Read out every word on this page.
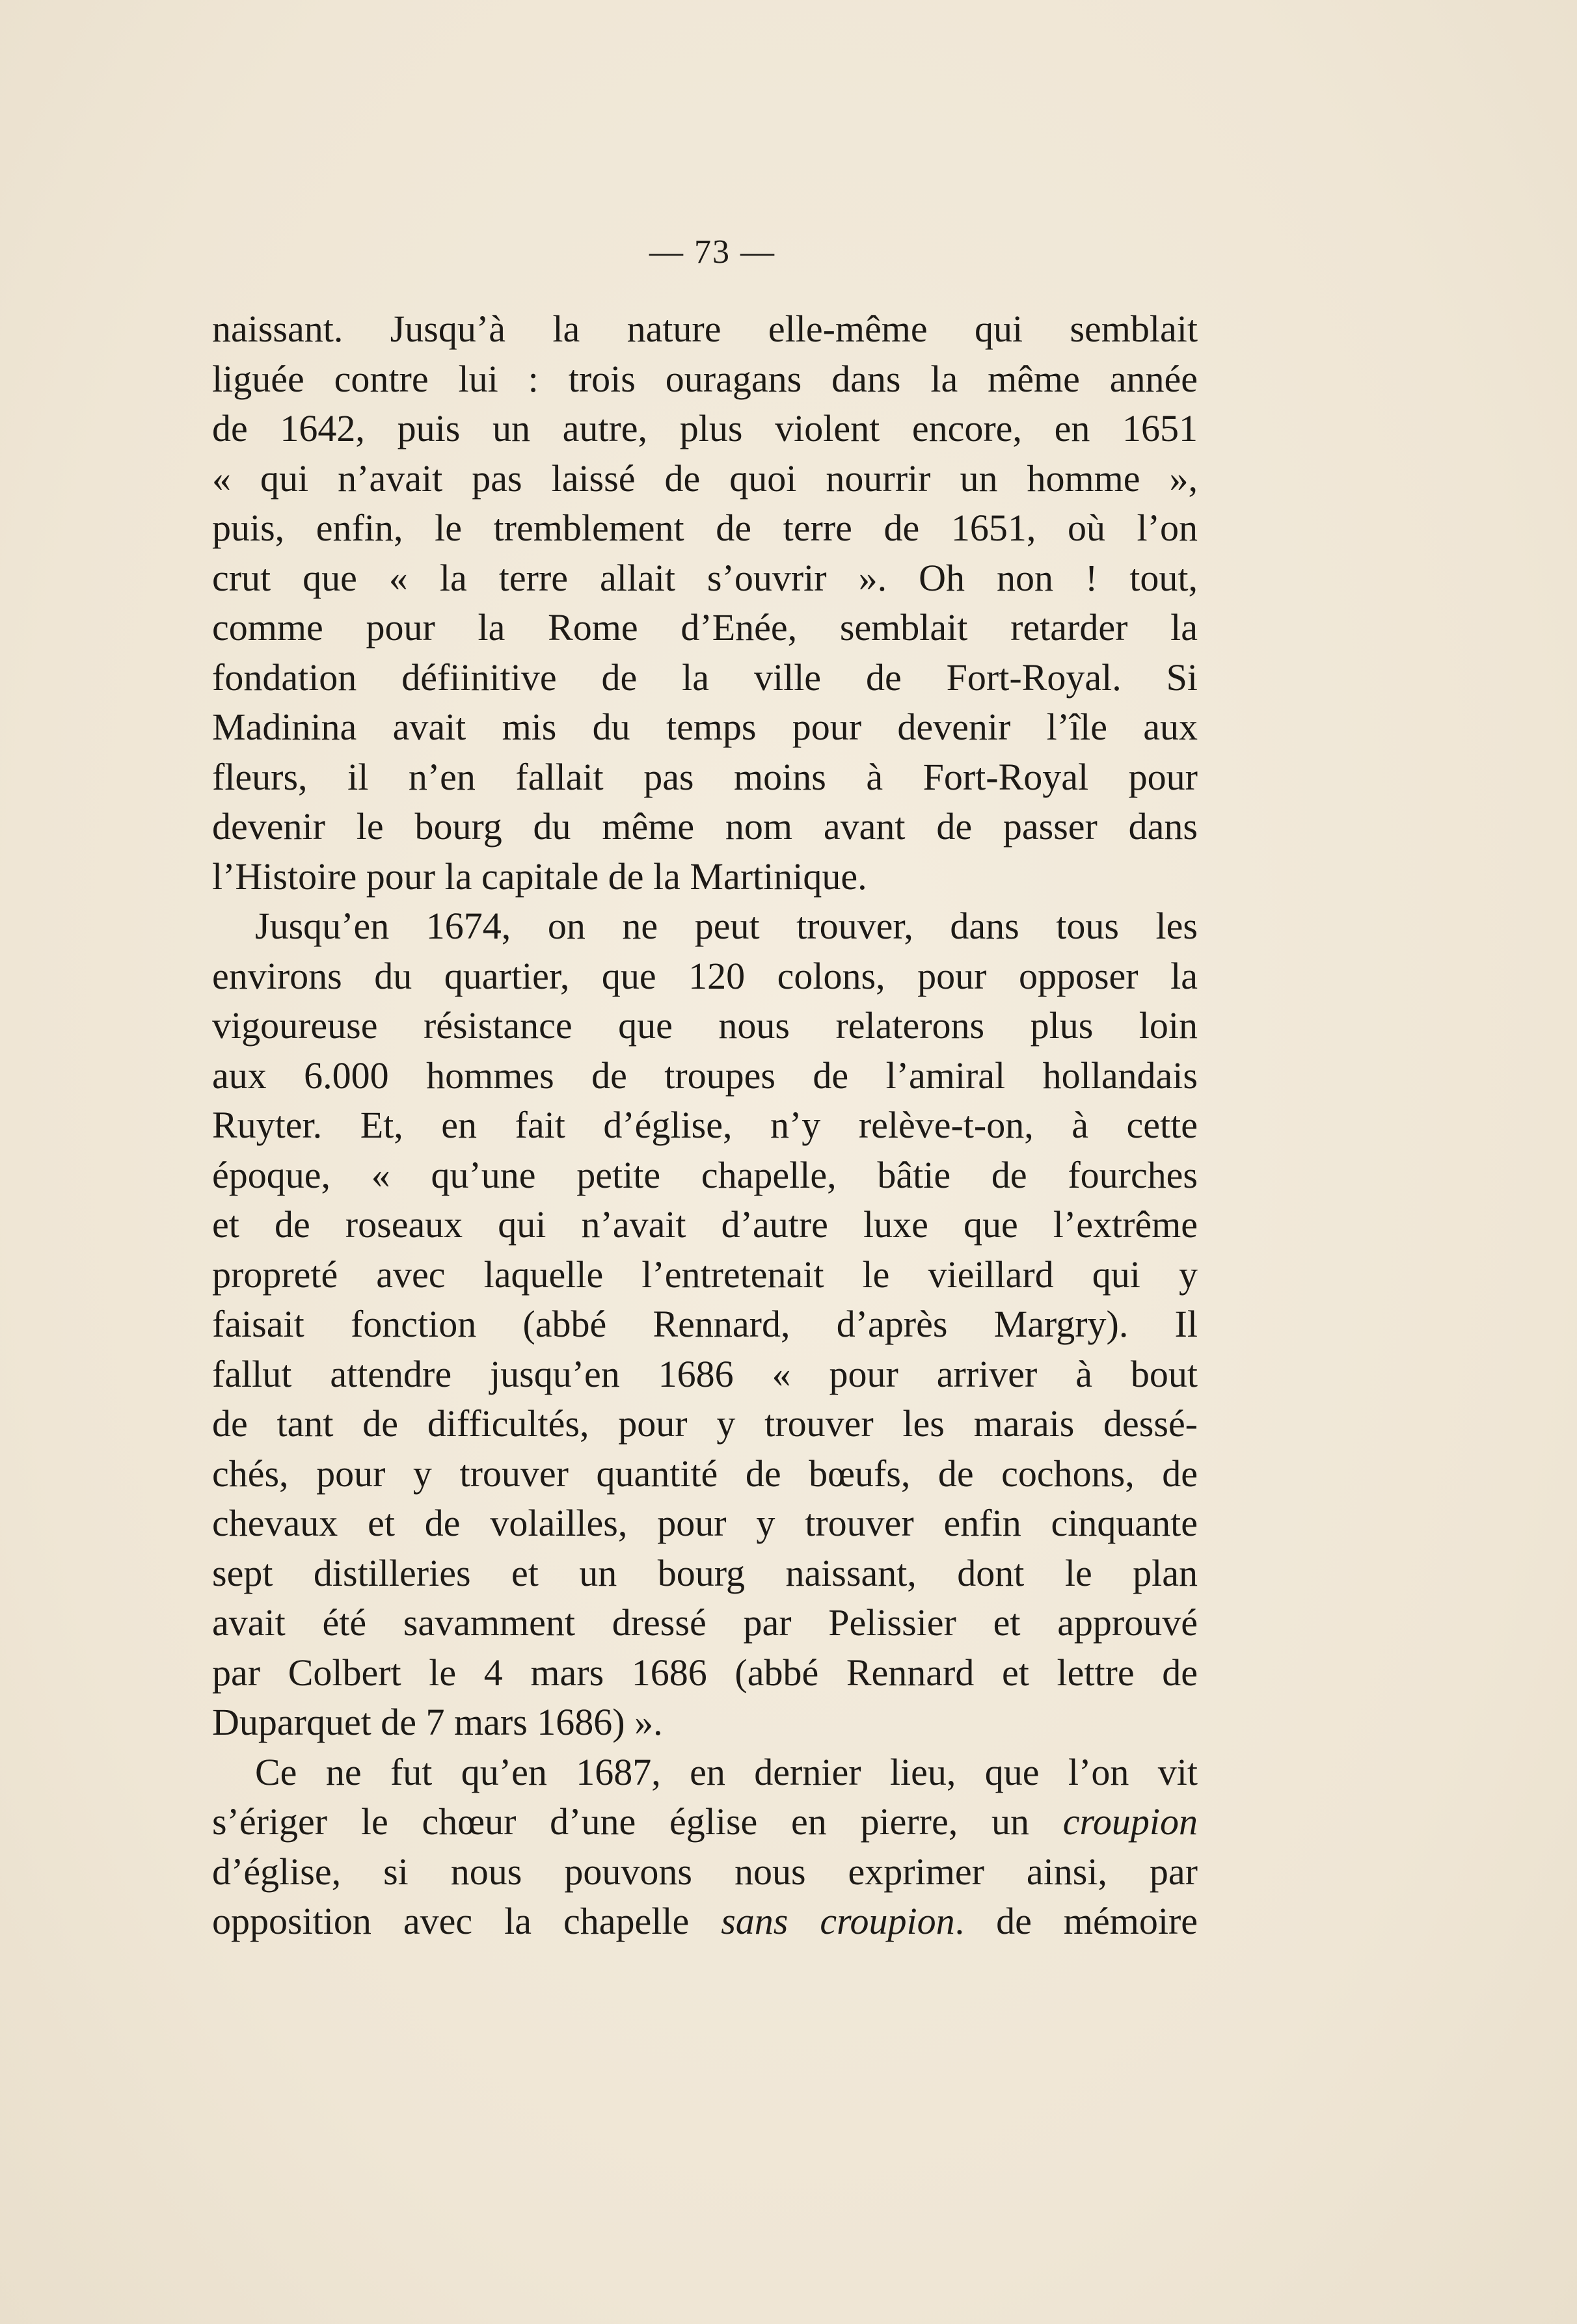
— 73 —
naissant. Jusqu’à la nature elle-même qui semblait
liguée contre lui : trois ouragans dans la même année
de 1642, puis un autre, plus violent encore, en 1651
« qui n’avait pas laissé de quoi nourrir un homme »,
puis, enfin, le tremblement de terre de 1651, où l’on
crut que « la terre allait s’ouvrir ». Oh non ! tout,
comme pour la Rome d’Enée, semblait retarder la
fondation défiinitive de la ville de Fort-Royal. Si
Madinina avait mis du temps pour devenir l’île aux
fleurs, il n’en fallait pas moins à Fort-Royal pour
devenir le bourg du même nom avant de passer dans
l’Histoire pour la capitale de la Martinique.
Jusqu’en 1674, on ne peut trouver, dans tous les
environs du quartier, que 120 colons, pour opposer la
vigoureuse résistance que nous relaterons plus loin
aux 6.000 hommes de troupes de l’amiral hollandais
Ruyter. Et, en fait d’église, n’y relève-t-on, à cette
époque, « qu’une petite chapelle, bâtie de fourches
et de roseaux qui n’avait d’autre luxe que l’extrême
propreté avec laquelle l’entretenait le vieillard qui y
faisait fonction (abbé Rennard, d’après Margry). Il
fallut attendre jusqu’en 1686 « pour arriver à bout
de tant de difficultés, pour y trouver les marais dessé-
chés, pour y trouver quantité de bœufs, de cochons, de
chevaux et de volailles, pour y trouver enfin cinquante
sept distilleries et un bourg naissant, dont le plan
avait été savamment dressé par Pelissier et approuvé
par Colbert le 4 mars 1686 (abbé Rennard et lettre de
Duparquet de 7 mars 1686) ».
Ce ne fut qu’en 1687, en dernier lieu, que l’on vit
s’ériger le chœur d’une église en pierre, un croupion
d’église, si nous pouvons nous exprimer ainsi, par
opposition avec la chapelle sans croupion. de mémoire
